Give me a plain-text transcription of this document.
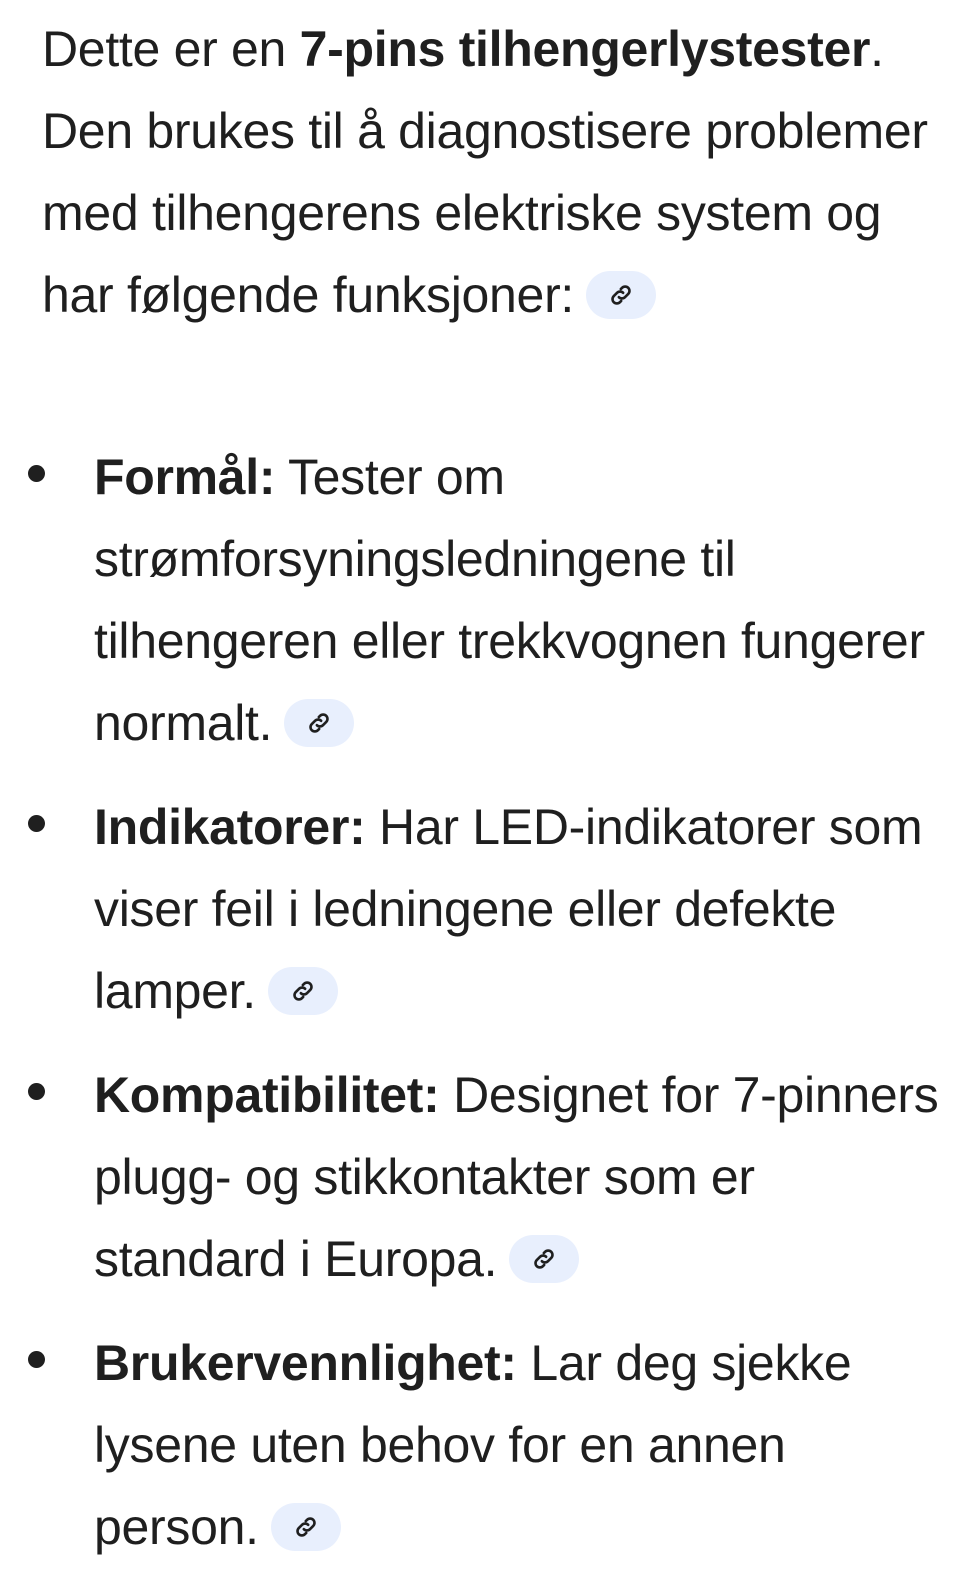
Dette er en 7-pins tilhengerlystester. Den brukes til å diagnostisere problemer med tilhengerens elektriske system og har følgende funksjoner:

Formål: Tester om strømforsyningsledningene til tilhengeren eller trekkvognen fungerer normalt.
Indikatorer: Har LED-indikatorer som viser feil i ledningene eller defekte lamper.
Kompatibilitet: Designet for 7-pinners plugg- og stikkontakter som er standard i Europa.
Brukervennlighet: Lar deg sjekke lysene uten behov for en annen person.
